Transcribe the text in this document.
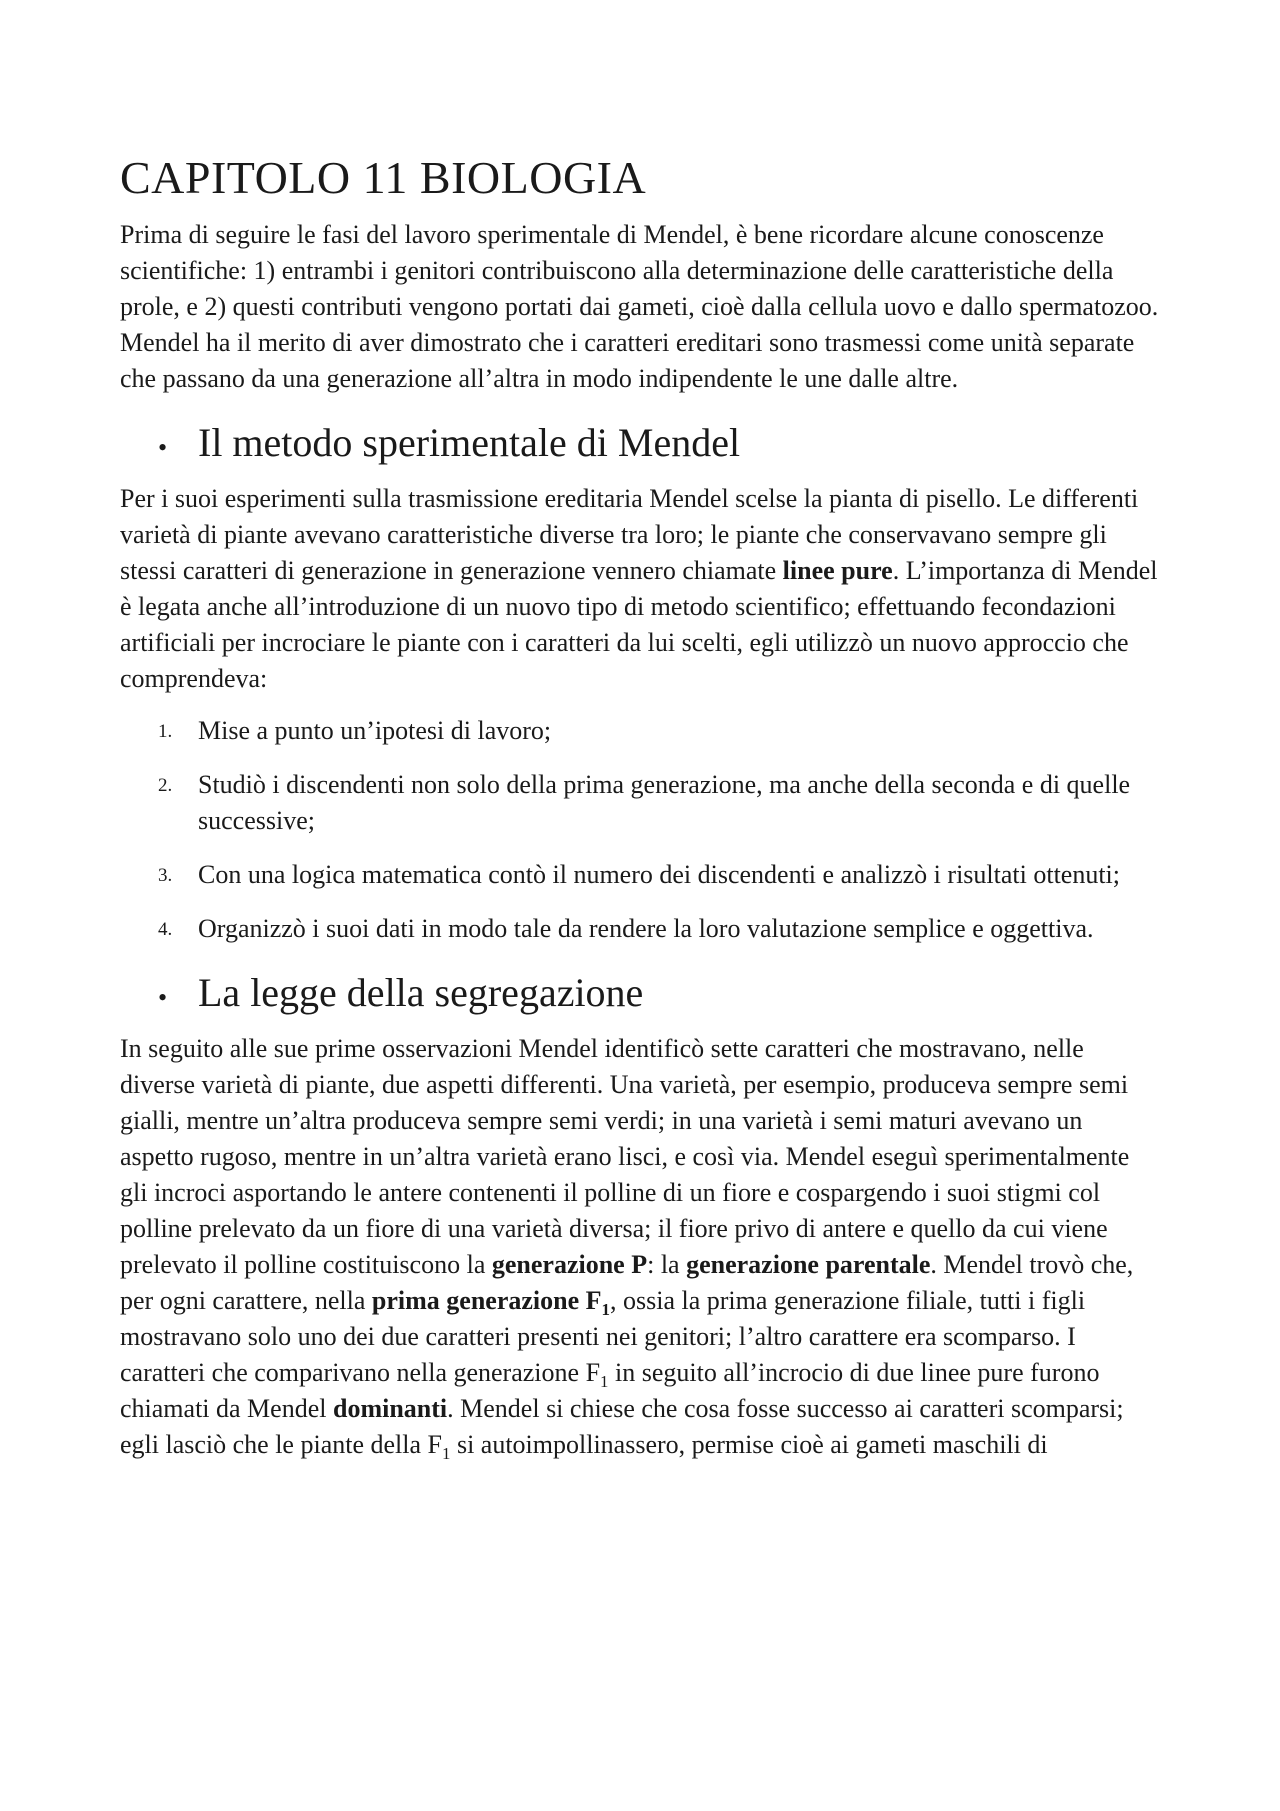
CAPITOLO 11 BIOLOGIA

Prima di seguire le fasi del lavoro sperimentale di Mendel, è bene ricordare alcune conoscenze scientifiche: 1) entrambi i genitori contribuiscono alla determinazione delle caratteristiche della prole, e 2) questi contributi vengono portati dai gameti, cioè dalla cellula uovo e dallo spermatozoo. Mendel ha il merito di aver dimostrato che i caratteri ereditari sono trasmessi come unità separate che passano da una generazione all’altra in modo indipendente le une dalle altre.

• Il metodo sperimentale di Mendel

Per i suoi esperimenti sulla trasmissione ereditaria Mendel scelse la pianta di pisello. Le differenti varietà di piante avevano caratteristiche diverse tra loro; le piante che conservavano sempre gli stessi caratteri di generazione in generazione vennero chiamate linee pure. L’importanza di Mendel è legata anche all’introduzione di un nuovo tipo di metodo scientifico; effettuando fecondazioni artificiali per incrociare le piante con i caratteri da lui scelti, egli utilizzò un nuovo approccio che comprendeva:

1. Mise a punto un’ipotesi di lavoro;
2. Studiò i discendenti non solo della prima generazione, ma anche della seconda e di quelle successive;
3. Con una logica matematica contò il numero dei discendenti e analizzò i risultati ottenuti;
4. Organizzò i suoi dati in modo tale da rendere la loro valutazione semplice e oggettiva.
• La legge della segregazione

In seguito alle sue prime osservazioni Mendel identificò sette caratteri che mostravano, nelle diverse varietà di piante, due aspetti differenti. Una varietà, per esempio, produceva sempre semi gialli, mentre un’altra produceva sempre semi verdi; in una varietà i semi maturi avevano un aspetto rugoso, mentre in un’altra varietà erano lisci, e così via. Mendel eseguì sperimentalmente gli incroci asportando le antere contenenti il polline di un fiore e cospargendo i suoi stigmi col polline prelevato da un fiore di una varietà diversa; il fiore privo di antere e quello da cui viene prelevato il polline costituiscono la generazione P: la generazione parentale. Mendel trovò che, per ogni carattere, nella prima generazione $F_1$, ossia la prima generazione filiale, tutti i figli mostravano solo uno dei due caratteri presenti nei genitori; l’altro carattere era scomparso. I caratteri che comparivano nella generazione $F_1$ in seguito all’incrocio di due linee pure furono chiamati da Mendel dominanti. Mendel si chiese che cosa fosse successo ai caratteri scomparsi; egli lasciò che le piante della $F_1$ si autoimpollinassero, permise cioè ai gameti maschili di
